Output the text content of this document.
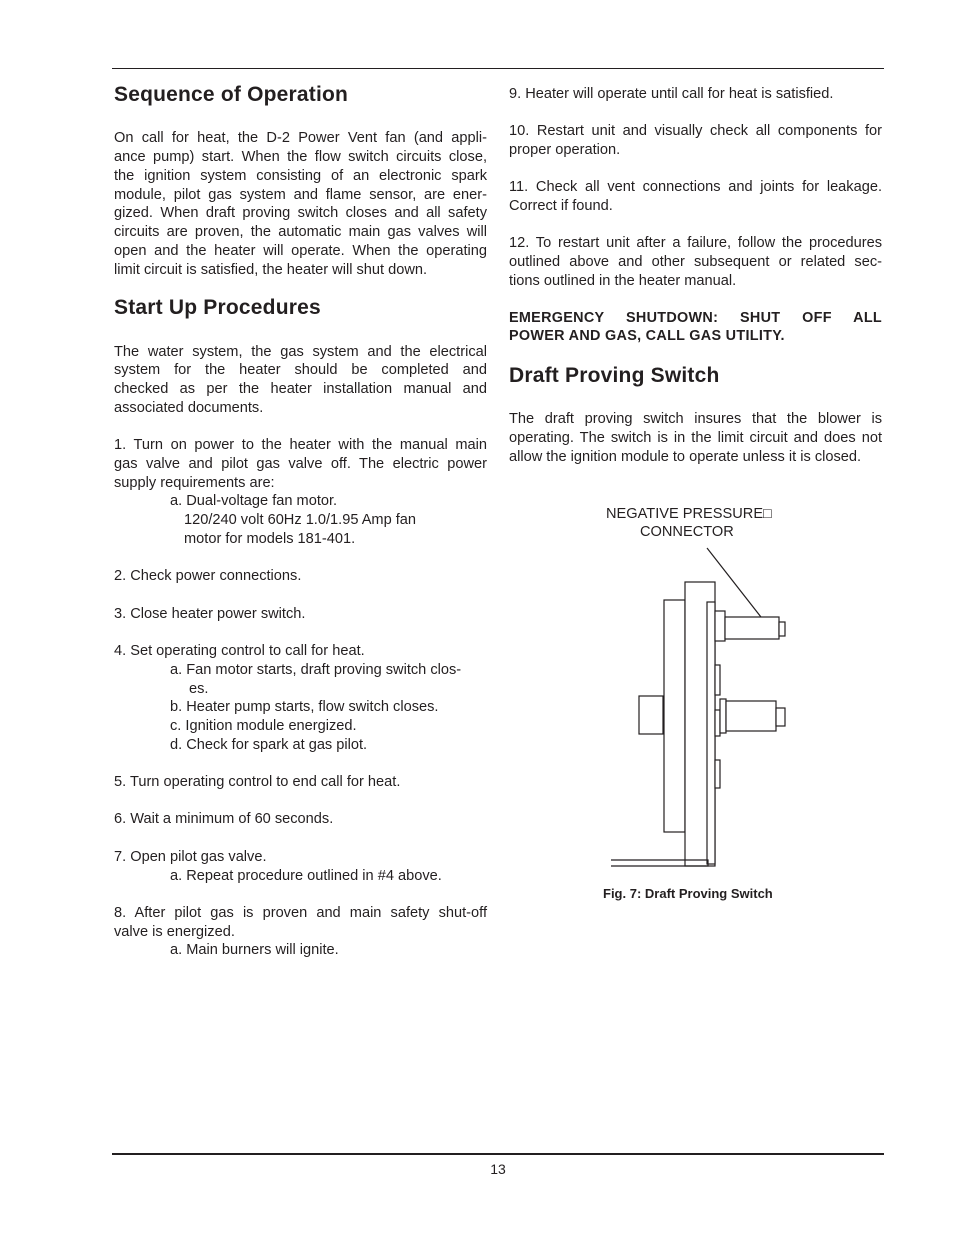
Sequence of Operation
On call for heat, the D-2 Power Vent fan (and appli-
ance pump) start. When the flow switch circuits close,
the ignition system consisting of an electronic spark
module, pilot gas system and flame sensor, are ener-
gized. When draft proving switch closes and all safety
circuits are proven, the automatic main gas valves will
open and the heater will operate. When the operating
limit circuit is satisfied, the heater will shut down.
Start Up Procedures
The water system, the gas system and the electrical
system for the heater should be completed and
checked as per the heater installation manual and
associated documents.
1. Turn on power to the heater with the manual main
gas valve and pilot gas valve off. The electric power
supply requirements are:
a. Dual-voltage fan motor.
120/240 volt 60Hz 1.0/1.95 Amp fan
motor for models 181-401.
2. Check power connections.
3. Close heater power switch.
4. Set operating control to call for heat.
a. Fan motor starts, draft proving switch clos-
es.
b. Heater pump starts, flow switch closes.
c. Ignition module energized.
d. Check for spark at gas pilot.
5. Turn operating control to end call for heat.
6. Wait a minimum of 60 seconds.
7. Open pilot gas valve.
a. Repeat procedure outlined in #4 above.
8. After pilot gas is proven and main safety shut-off
valve is energized.
a. Main burners will ignite.
9. Heater will operate until call for heat is satisfied.
10. Restart unit and visually check all components for
proper operation.
11. Check all vent connections and joints for leakage.
Correct if found.
12. To restart unit after a failure, follow the procedures
outlined above and other subsequent or related sec-
tions outlined in the heater manual.
EMERGENCY SHUTDOWN: SHUT OFF ALL
POWER AND GAS, CALL GAS UTILITY.
Draft Proving Switch
The draft proving switch insures that the blower is
operating. The switch is in the limit circuit and does not
allow the ignition module to operate unless it is closed.
NEGATIVE PRESSURE□
CONNECTOR
Fig. 7: Draft Proving Switch
13
